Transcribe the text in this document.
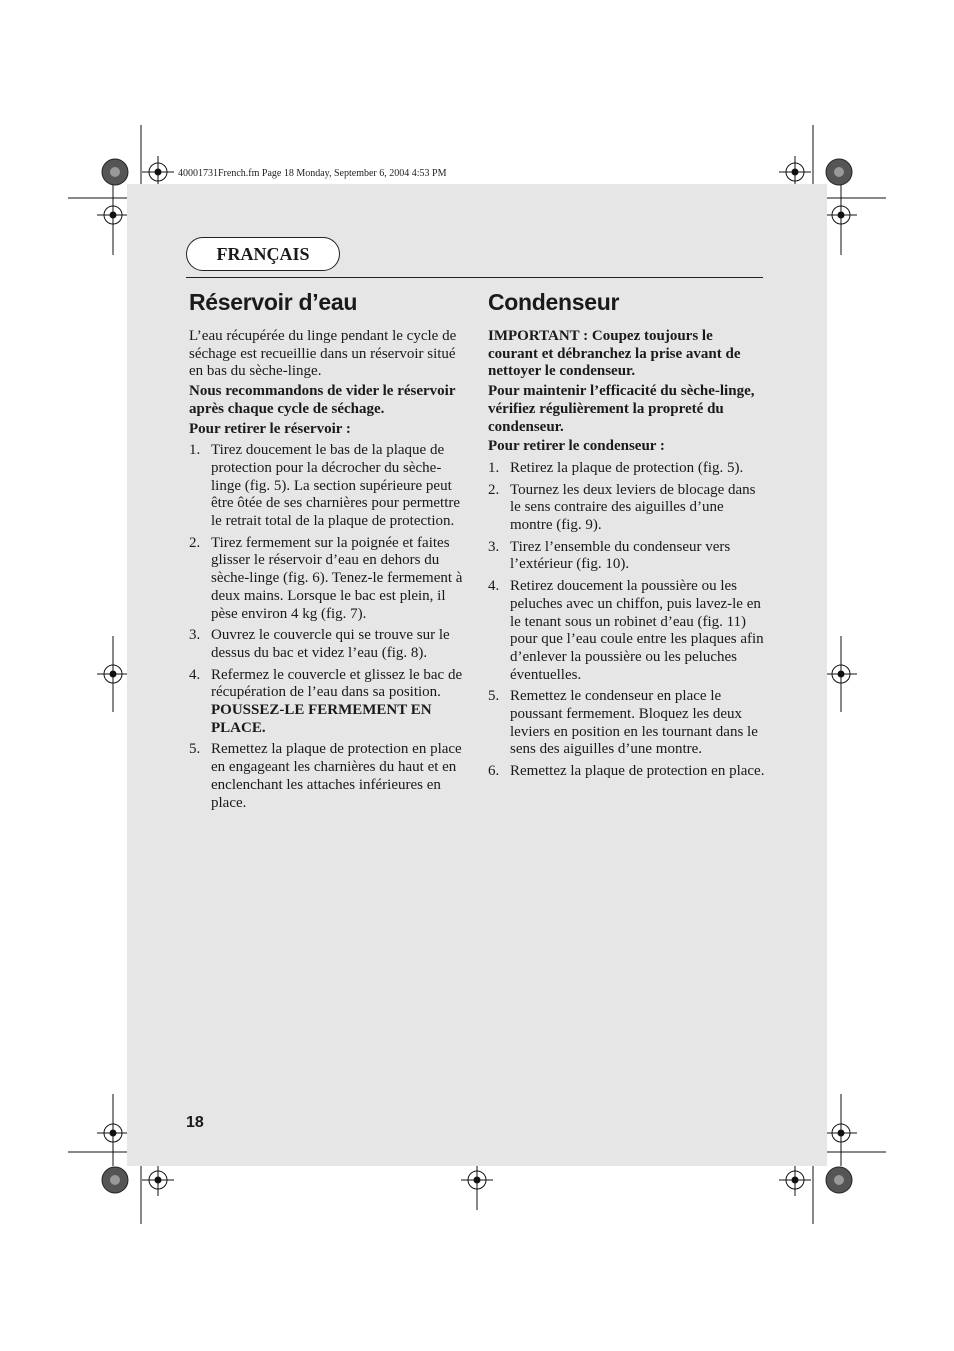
40001731French.fm Page 18 Monday, September 6, 2004 4:53 PM
FRANÇAIS
Réservoir d’eau

L’eau récupérée du linge pendant le cycle de séchage est recueillie dans un réservoir situé en bas du sèche-linge.

Nous recommandons de vider le réservoir après chaque cycle de séchage.

Pour retirer le réservoir :

1. Tirez doucement le bas de la plaque de protection pour la décrocher du sèche-linge (fig. 5). La section supérieure peut être ôtée de ses charnières pour permettre le retrait total de la plaque de protection.
2. Tirez fermement sur la poignée et faites glisser le réservoir d’eau en dehors du sèche-linge (fig. 6). Tenez-le fermement à deux mains. Lorsque le bac est plein, il pèse environ 4 kg (fig. 7).
3. Ouvrez le couvercle qui se trouve sur le dessus du bac et videz l’eau (fig. 8).
4. Refermez le couvercle et glissez le bac de récupération de l’eau dans sa position. POUSSEZ-LE FERMEMENT EN PLACE.
5. Remettez la plaque de protection en place en engageant les charnières du haut et en enclenchant les attaches inférieures en place.
Condenseur

IMPORTANT : Coupez toujours le courant et débranchez la prise avant de nettoyer le condenseur.

Pour maintenir l’efficacité du sèche-linge, vérifiez régulièrement la propreté du condenseur.

Pour retirer le condenseur :

1. Retirez la plaque de protection (fig. 5).
2. Tournez les deux leviers de blocage dans le sens contraire des aiguilles d’une montre (fig. 9).
3. Tirez l’ensemble du condenseur vers l’extérieur (fig. 10).
4. Retirez doucement la poussière ou les peluches avec un chiffon, puis lavez-le en le tenant sous un robinet d’eau (fig. 11) pour que l’eau coule entre les plaques afin d’enlever la poussière ou les peluches éventuelles.
5. Remettez le condenseur en place le poussant fermement. Bloquez les deux leviers en position en les tournant dans le sens des aiguilles d’une montre.
6. Remettez la plaque de protection en place.
18
